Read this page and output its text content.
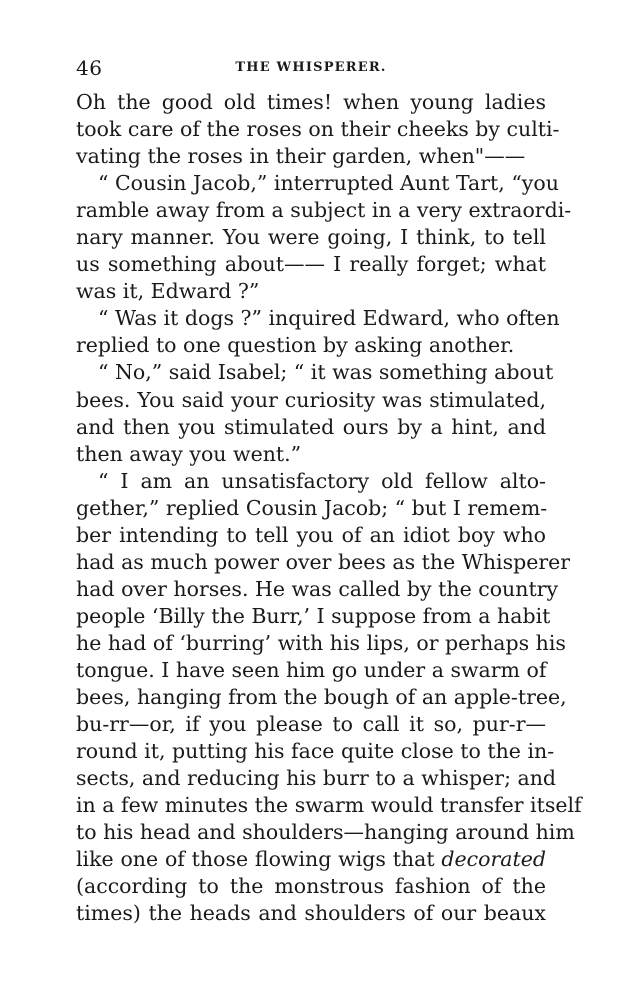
46	THE WHISPERER.
Oh the good old times! when young ladies
took care of the roses on their cheeks by culti-
vating the roses in their garden, when"——
“ Cousin Jacob,” interrupted Aunt Tart, “you
ramble away from a subject in a very extraordi-
nary manner. You were going, I think, to tell
us something about—— I really forget; what
was it, Edward ?”
“ Was it dogs ?” inquired Edward, who often
replied to one question by asking another.
“ No,” said Isabel; “ it was something about
bees. You said your curiosity was stimulated,
and then you stimulated ours by a hint, and
then away you went.”
“ I am an unsatisfactory old fellow alto-
gether,” replied Cousin Jacob; “ but I remem-
ber intending to tell you of an idiot boy who
had as much power over bees as the Whisperer
had over horses. He was called by the country
people ‘Billy the Burr,’ I suppose from a habit
he had of ‘burring’ with his lips, or perhaps his
tongue. I have seen him go under a swarm of
bees, hanging from the bough of an apple-tree,
bu-rr—or, if you please to call it so, pur-r—
round it, putting his face quite close to the in-
sects, and reducing his burr to a whisper; and
in a few minutes the swarm would transfer itself
to his head and shoulders—hanging around him
like one of those flowing wigs that decorated
(according to the monstrous fashion of the
times) the heads and shoulders of our beaux
